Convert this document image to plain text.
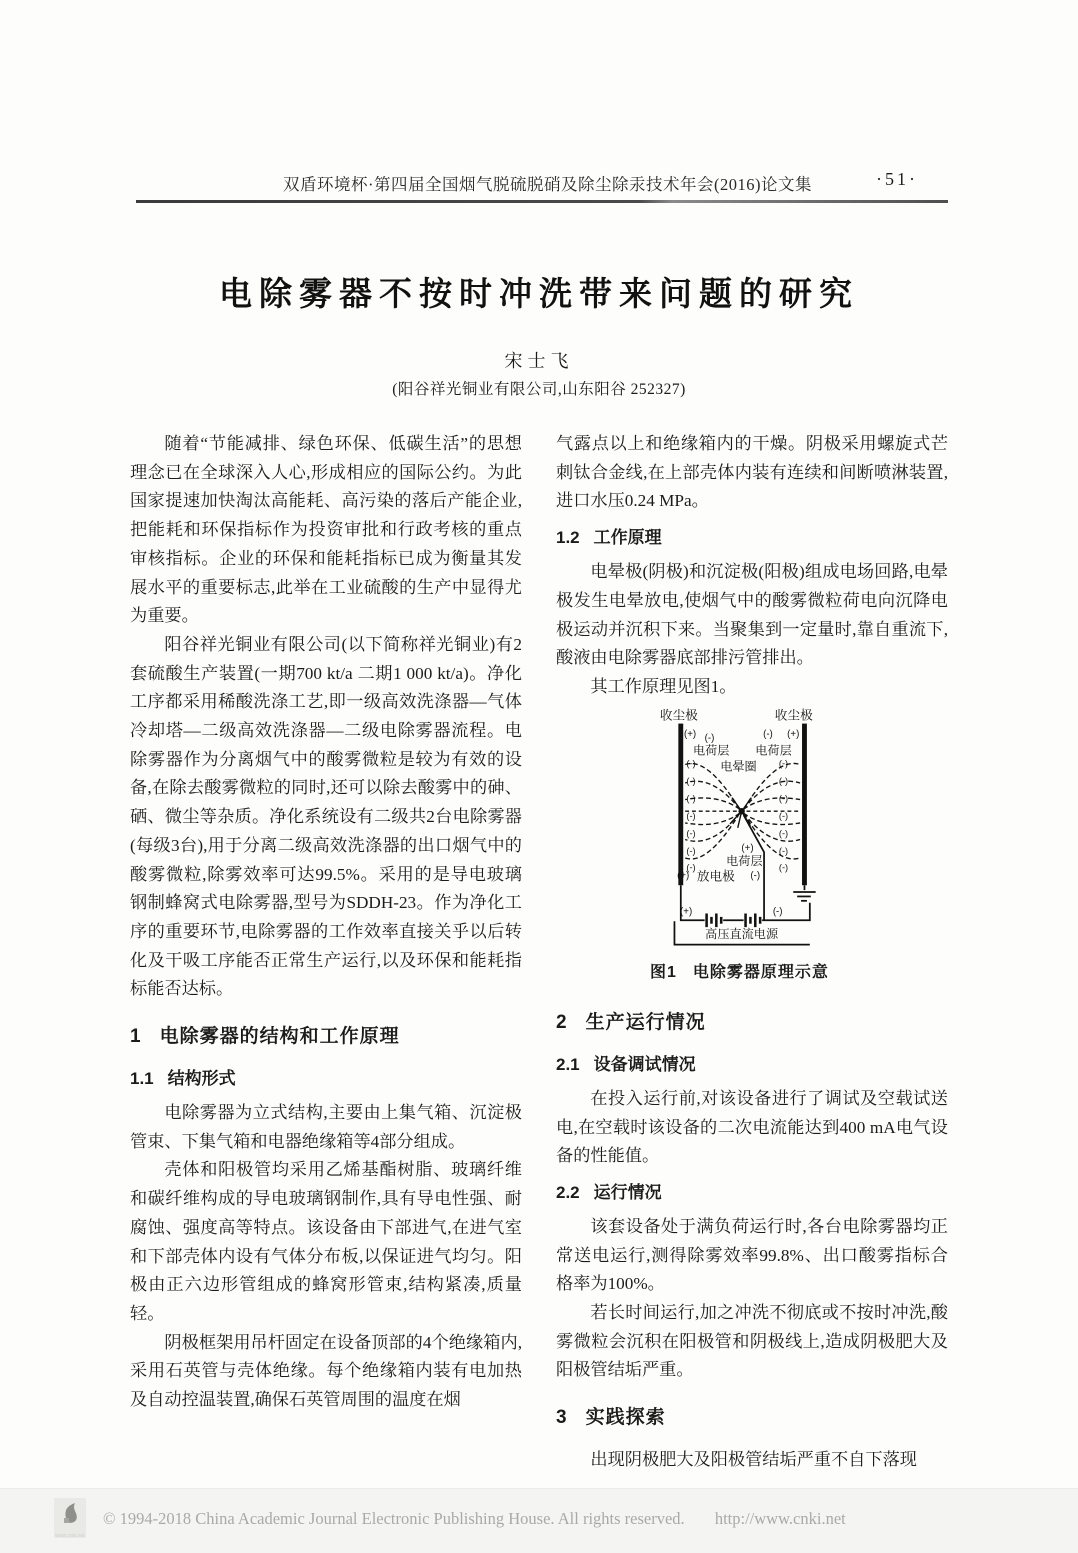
双盾环境杯·第四届全国烟气脱硫脱硝及除尘除汞技术年会(2016)论文集	·51·
电除雾器不按时冲洗带来问题的研究
宋士飞
(阳谷祥光铜业有限公司,山东阳谷 252327)

随着“节能减排、绿色环保、低碳生活”的思想理念已在全球深入人心,形成相应的国际公约。为此国家提速加快淘汰高能耗、高污染的落后产能企业,把能耗和环保指标作为投资审批和行政考核的重点审核指标。企业的环保和能耗指标已成为衡量其发展水平的重要标志,此举在工业硫酸的生产中显得尤为重要。

阳谷祥光铜业有限公司(以下简称祥光铜业)有2套硫酸生产装置(一期700 kt/a 二期1 000 kt/a)。净化工序都采用稀酸洗涤工艺,即一级高效洗涤器—气体冷却塔—二级高效洗涤器—二级电除雾器流程。电除雾器作为分离烟气中的酸雾微粒是较为有效的设备,在除去酸雾微粒的同时,还可以除去酸雾中的砷、硒、微尘等杂质。净化系统设有二级共2台电除雾器(每级3台),用于分离二级高效洗涤器的出口烟气中的酸雾微粒,除雾效率可达99.5%。采用的是导电玻璃钢制蜂窝式电除雾器,型号为SDDH-23。作为净化工序的重要环节,电除雾器的工作效率直接关乎以后转化及干吸工序能否正常生产运行,以及环保和能耗指标能否达标。

1 电除雾器的结构和工作原理
1.1 结构形式

电除雾器为立式结构,主要由上集气箱、沉淀极管束、下集气箱和电器绝缘箱等4部分组成。

壳体和阳极管均采用乙烯基酯树脂、玻璃纤维和碳纤维构成的导电玻璃钢制作,具有导电性强、耐腐蚀、强度高等特点。该设备由下部进气,在进气室和下部壳体内设有气体分布板,以保证进气均匀。阳极由正六边形管组成的蜂窝形管束,结构紧凑,质量轻。

阴极框架用吊杆固定在设备顶部的4个绝缘箱内,采用石英管与壳体绝缘。每个绝缘箱内装有电加热及自动控温装置,确保石英管周围的温度在烟

气露点以上和绝缘箱内的干燥。阴极采用螺旋式芒刺钛合金线,在上部壳体内装有连续和间断喷淋装置,进口水压0.24 MPa。

1.2 工作原理

电晕极(阴极)和沉淀极(阳极)组成电场回路,电晕极发生电晕放电,使烟气中的酸雾微粒荷电向沉降电极运动并沉积下来。当聚集到一定量时,靠自重流下,酸液由电除雾器底部排污管排出。

其工作原理见图1。

收尘极	收尘极
(+) (-)	(-) (+)
电荷层 电荷层
电晕圈
(-)
(-)
(-)
(-)
(-)
(-)
(-)
(-)
(-)
(-)
(-)
(-)
(-)
(-)
(+)
电荷层
(+) 放电极 (-)
(+)	(-)
高压直流电源
图1 电除雾器原理示意
2 生产运行情况
2.1 设备调试情况

在投入运行前,对该设备进行了调试及空载试送电,在空载时该设备的二次电流能达到400 mA电气设备的性能值。

2.2 运行情况

该套设备处于满负荷运行时,各台电除雾器均正常送电运行,测得除雾效率99.8%、出口酸雾指标合格率为100%。

若长时间运行,加之冲洗不彻底或不按时冲洗,酸雾微粒会沉积在阳极管和阴极线上,造成阴极肥大及阳极管结垢严重。

3 实践探索

出现阴极肥大及阳极管结垢严重不自下落现

www.cnki.net
© 1994-2018 China Academic Journal Electronic Publishing House. All rights reserved. http://www.cnki.net
